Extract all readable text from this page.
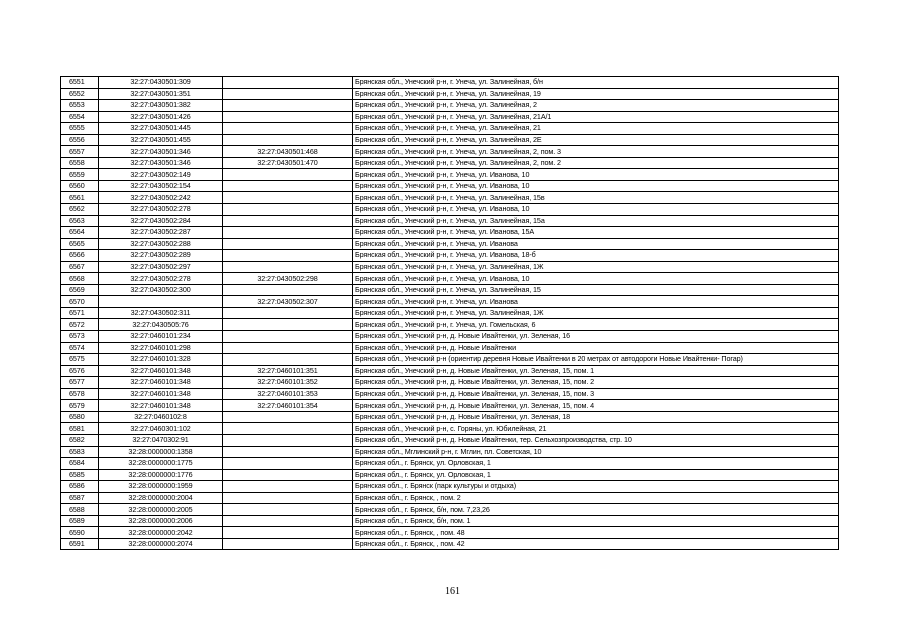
6551	32:27:0430501:309		Брянская обл., Унечский р-н, г. Унеча, ул. Залинейная, б/н
6552	32:27:0430501:351		Брянская обл., Унечский р-н, г. Унеча, ул. Залинейная, 19
6553	32:27:0430501:382		Брянская обл., Унечский р-н, г. Унеча, ул. Залинейная, 2
6554	32:27:0430501:426		Брянская обл., Унечский р-н, г. Унеча, ул. Залинейная, 21А/1
6555	32:27:0430501:445		Брянская обл., Унечский р-н, г. Унеча, ул. Залинейная, 21
6556	32:27:0430501:455		Брянская обл., Унечский р-н, г. Унеча, ул. Залинейная, 2Е
6557	32:27:0430501:346	32:27:0430501:468	Брянская обл., Унечский р-н, г. Унеча, ул. Залинейная, 2, пом. 3
6558	32:27:0430501:346	32:27:0430501:470	Брянская обл., Унечский р-н, г. Унеча, ул. Залинейная, 2, пом. 2
6559	32:27:0430502:149		Брянская обл., Унечский р-н, г. Унеча, ул. Иванова, 10
6560	32:27:0430502:154		Брянская обл., Унечский р-н, г. Унеча, ул. Иванова, 10
6561	32:27:0430502:242		Брянская обл., Унечский р-н, г. Унеча, ул. Залинейная, 15в
6562	32:27:0430502:278		Брянская обл., Унечский р-н, г. Унеча, ул. Иванова, 10
6563	32:27:0430502:284		Брянская обл., Унечский р-н, г. Унеча, ул. Залинейная, 15а
6564	32:27:0430502:287		Брянская обл., Унечский р-н, г. Унеча, ул. Иванова, 15А
6565	32:27:0430502:288		Брянская обл., Унечский р-н, г. Унеча, ул. Иванова
6566	32:27:0430502:289		Брянская обл., Унечский р-н, г. Унеча, ул. Иванова, 18-б
6567	32:27:0430502:297		Брянская обл., Унечский р-н, г. Унеча, ул. Залинейная, 1Ж
6568	32:27:0430502:278	32:27:0430502:298	Брянская обл., Унечский р-н, г. Унеча, ул. Иванова, 10
6569	32:27:0430502:300		Брянская обл., Унечский р-н, г. Унеча, ул. Залинейная, 15
6570		32:27:0430502:307	Брянская обл., Унечский р-н, г. Унеча, ул. Иванова
6571	32:27:0430502:311		Брянская обл., Унечский р-н, г. Унеча, ул. Залинейная, 1Ж
6572	32:27:0430505:76		Брянская обл., Унечский р-н, г. Унеча, ул. Гомельская, 6
6573	32:27:0460101:234		Брянская обл., Унечский р-н, д. Новые Ивайтенки, ул. Зеленая, 16
6574	32:27:0460101:298		Брянская обл., Унечский р-н, д. Новые Ивайтенки
6575	32:27:0460101:328		Брянская обл., Унечский р-н (ориентир деревня Новые Ивайтенки в 20 метрах от автодороги Новые Ивайтенки- Погар)
6576	32:27:0460101:348	32:27:0460101:351	Брянская обл., Унечский р-н, д. Новые Ивайтенки, ул. Зеленая, 15, пом. 1
6577	32:27:0460101:348	32:27:0460101:352	Брянская обл., Унечский р-н, д. Новые Ивайтенки, ул. Зеленая, 15, пом. 2
6578	32:27:0460101:348	32:27:0460101:353	Брянская обл., Унечский р-н, д. Новые Ивайтенки, ул. Зеленая, 15, пом. 3
6579	32:27:0460101:348	32:27:0460101:354	Брянская обл., Унечский р-н, д. Новые Ивайтенки, ул. Зеленая, 15, пом. 4
6580	32:27:0460102:8		Брянская обл., Унечский р-н, д. Новые Ивайтенки, ул. Зеленая, 18
6581	32:27:0460301:102		Брянская обл., Унечский р-н, с. Горяны, ул. Юбилейная, 21
6582	32:27:0470302:91		Брянская обл., Унечский р-н, д. Новые Ивайтенки, тер. Сельхозпроизводства, стр. 10
6583	32:28:0000000:1358		Брянская обл., Мглинский р-н, г. Мглин, пл. Советская, 10
6584	32:28:0000000:1775		Брянская обл., г. Брянск, ул. Орловская, 1
6585	32:28:0000000:1776		Брянская обл., г. Брянск, ул. Орловская, 1
6586	32:28:0000000:1959		Брянская обл., г. Брянск (парк культуры и отдыха)
6587	32:28:0000000:2004		Брянская обл., г. Брянск, , пом. 2
6588	32:28:0000000:2005		Брянская обл., г. Брянск, б/н, пом. 7,23,26
6589	32:28:0000000:2006		Брянская обл., г. Брянск, б/н, пом. 1
6590	32:28:0000000:2042		Брянская обл., г. Брянск, , пом. 48
6591	32:28:0000000:2074		Брянская обл., г. Брянск, , пом. 42
161
